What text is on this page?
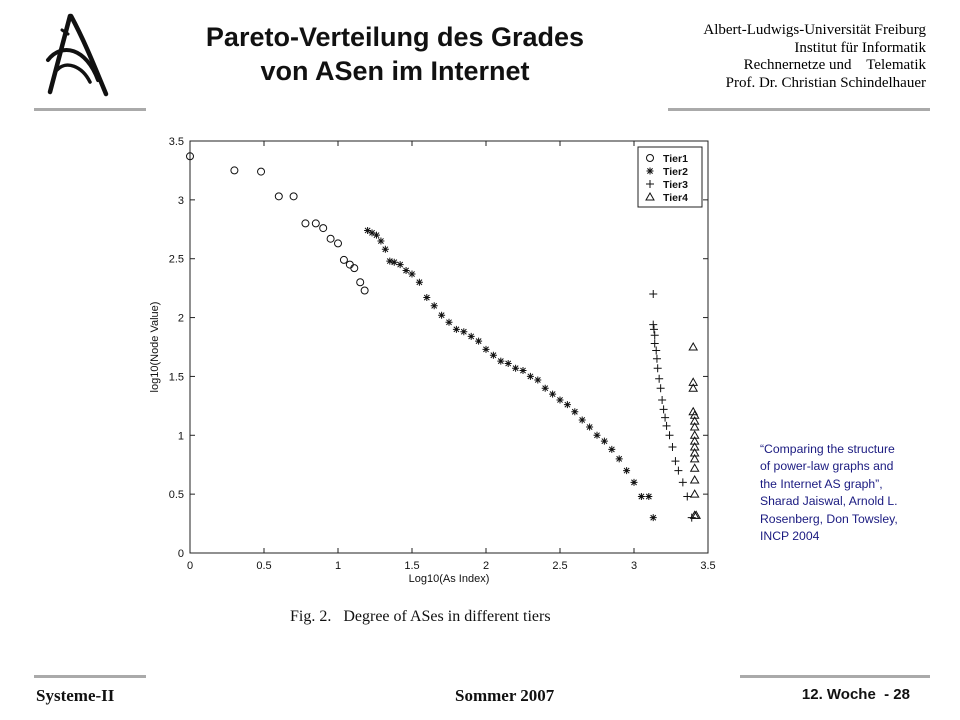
Pareto-Verteilung des Grades
von ASen im Internet
Albert-Ludwigs-Universität Freiburg
Institut für Informatik
Rechnernetze und    Telematik
Prof. Dr. Christian Schindelhauer
0	0.5	1	1.5	2	2.5	3	3.5
0
0.5
1
1.5
2
2.5
3
3.5
Log10(As Index)
log10(Node Value)
Tier1
Tier2
Tier3
Tier4
Fig. 2.   Degree of ASes in different tiers
“Comparing the structure of power-law graphs and the Internet AS graph”, Sharad Jaiswal, Arnold L. Rosenberg, Don Towsley, INCP 2004
Systeme-II	Sommer 2007	12. Woche  - 28
